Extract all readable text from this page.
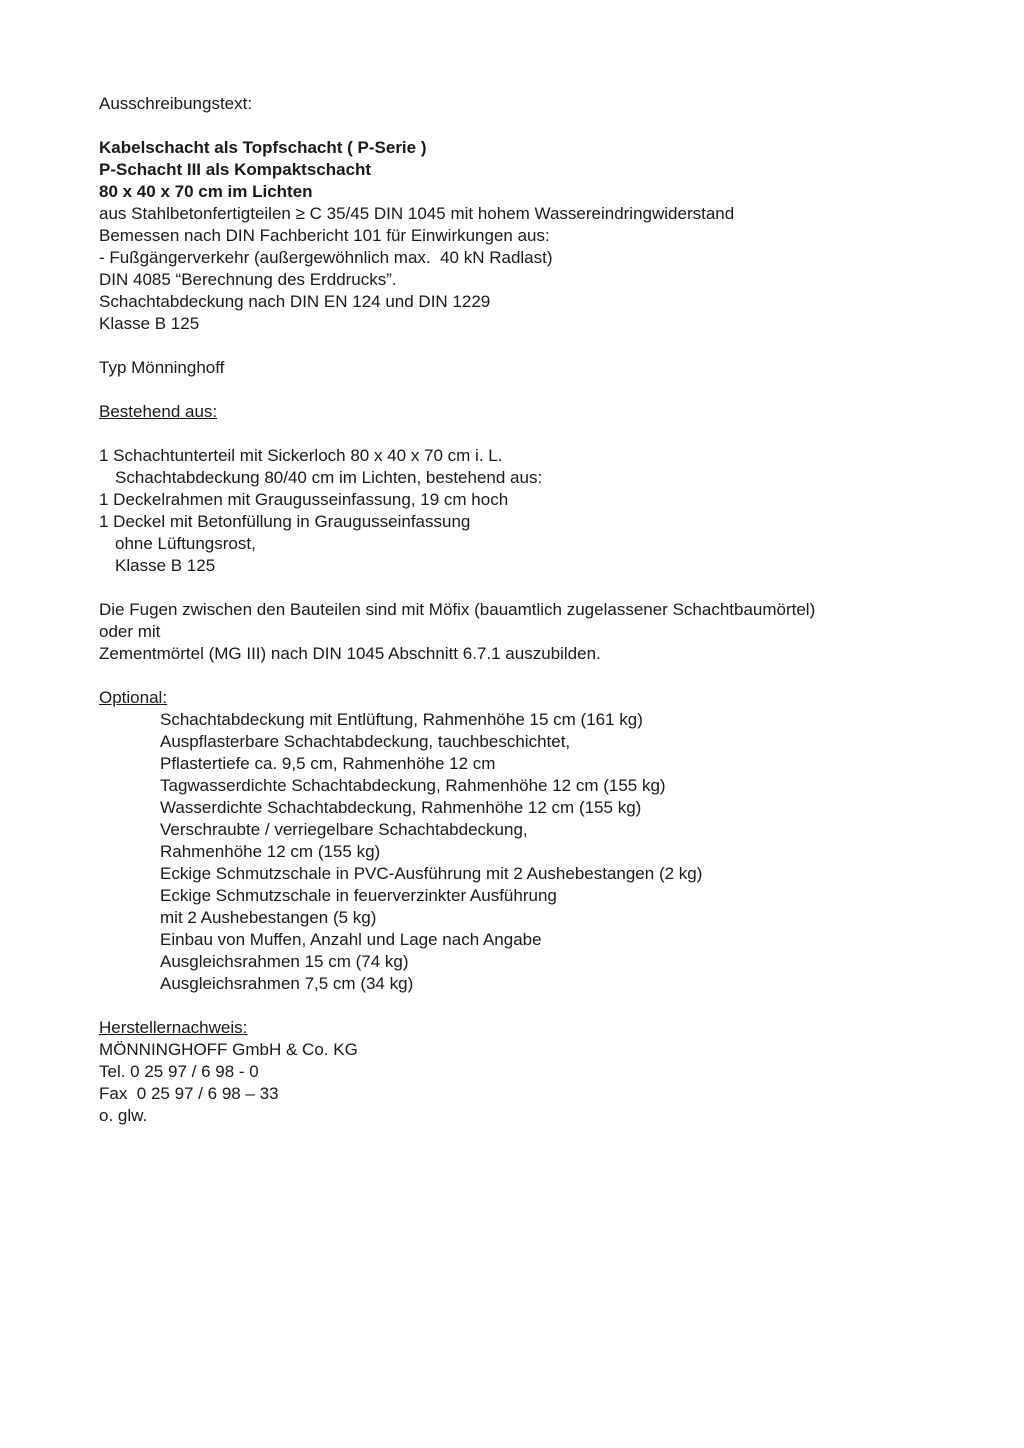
Ausschreibungstext:
Kabelschacht als Topfschacht ( P-Serie )
P-Schacht III als Kompaktschacht
80 x 40 x 70 cm im Lichten
aus Stahlbetonfertigteilen ≥ C 35/45 DIN 1045 mit hohem Wassereindringwiderstand
Bemessen nach DIN Fachbericht 101 für Einwirkungen aus:
- Fußgängerverkehr (außergewöhnlich max.  40 kN Radlast)
DIN 4085 “Berechnung des Erddrucks”.
Schachtabdeckung nach DIN EN 124 und DIN 1229
Klasse B 125
Typ Mönninghoff
Bestehend aus:
1 Schachtunterteil mit Sickerloch 80 x 40 x 70 cm i. L.
Schachtabdeckung 80/40 cm im Lichten, bestehend aus:
1 Deckelrahmen mit Graugusseinfassung, 19 cm hoch
1 Deckel mit Betonfüllung in Graugusseinfassung
ohne Lüftungsrost,
Klasse B 125
Die Fugen zwischen den Bauteilen sind mit Möfix (bauamtlich zugelassener Schachtbaumörtel)
oder mit
Zementmörtel (MG III) nach DIN 1045 Abschnitt 6.7.1 auszubilden.
Optional:
Schachtabdeckung mit Entlüftung, Rahmenhöhe 15 cm (161 kg)
Auspflasterbare Schachtabdeckung, tauchbeschichtet,
Pflastertiefe ca. 9,5 cm, Rahmenhöhe 12 cm
Tagwasserdichte Schachtabdeckung, Rahmenhöhe 12 cm (155 kg)
Wasserdichte Schachtabdeckung, Rahmenhöhe 12 cm (155 kg)
Verschraubte / verriegelbare Schachtabdeckung,
Rahmenhöhe 12 cm (155 kg)
Eckige Schmutzschale in PVC-Ausführung mit 2 Aushebestangen (2 kg)
Eckige Schmutzschale in feuerverzinkter Ausführung
mit 2 Aushebestangen (5 kg)
Einbau von Muffen, Anzahl und Lage nach Angabe
Ausgleichsrahmen 15 cm (74 kg)
Ausgleichsrahmen 7,5 cm (34 kg)
Herstellernachweis:
MÖNNINGHOFF GmbH & Co. KG
Tel. 0 25 97 / 6 98 - 0
Fax  0 25 97 / 6 98 – 33
o. glw.
